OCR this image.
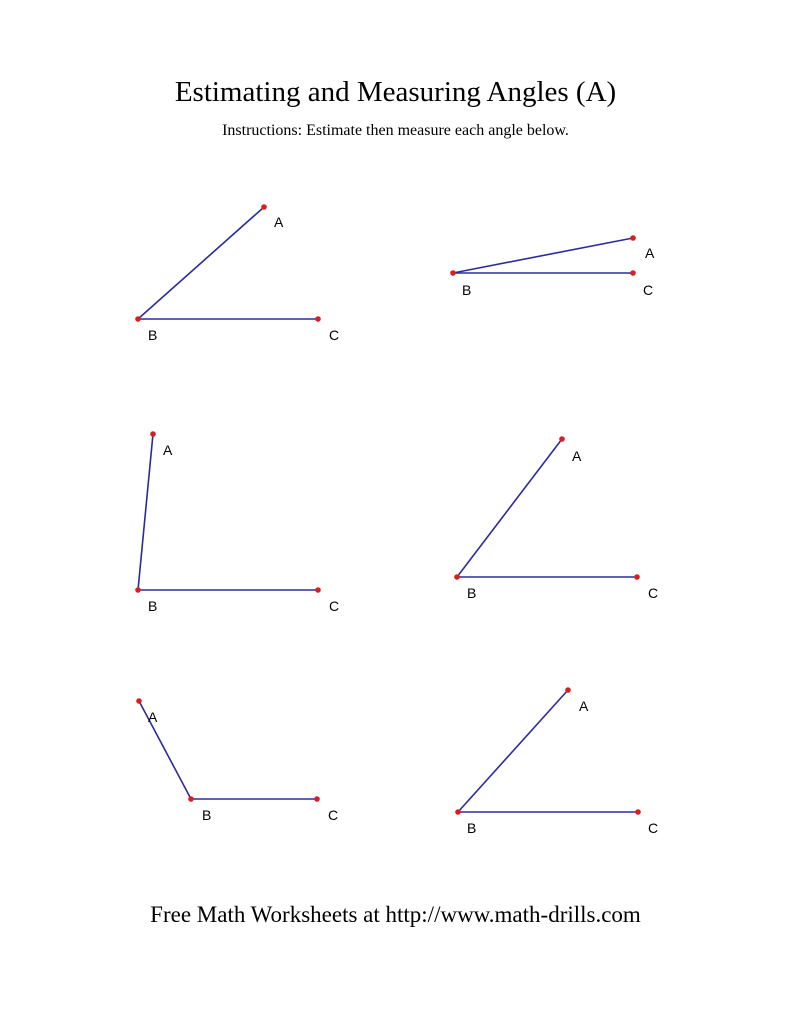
Estimating and Measuring Angles (A)
Instructions: Estimate then measure each angle below.
A
B	C
A
B	C
A
B	C
A
B	C
A
B	C
A
B	C
Free Math Worksheets at http://www.math-drills.com
